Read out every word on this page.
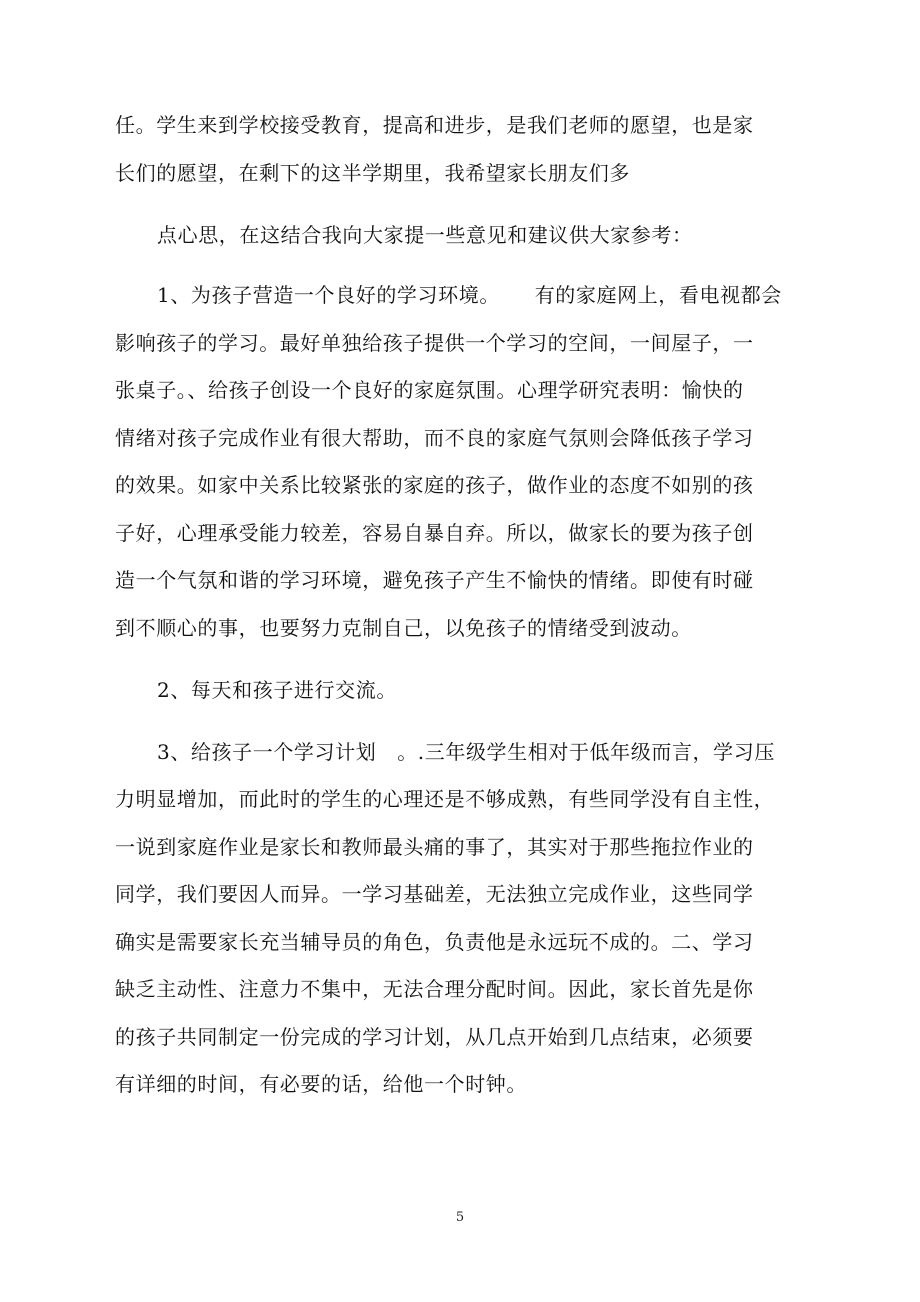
任。学生来到学校接受教育，提高和进步，是我们老师的愿望，也是家
长们的愿望，在剩下的这半学期里，我希望家长朋友们多
点心思，在这结合我向大家提一些意见和建议供大家参考：
1、为孩子营造一个良好的学习环境。     有的家庭网上，看电视都会
影响孩子的学习。最好单独给孩子提供一个学习的空间，一间屋子，一
张桌子。、给孩子创设一个良好的家庭氛围。心理学研究表明：愉快的
情绪对孩子完成作业有很大帮助，而不良的家庭气氛则会降低孩子学习
的效果。如家中关系比较紧张的家庭的孩子，做作业的态度不如别的孩
子好，心理承受能力较差，容易自暴自弃。所以，做家长的要为孩子创
造一个气氛和谐的学习环境，避免孩子产生不愉快的情绪。即使有时碰
到不顺心的事，也要努力克制自己，以免孩子的情绪受到波动。
2、每天和孩子进行交流。
3、给孩子一个学习计划   。.三年级学生相对于低年级而言，学习压
力明显增加，而此时的学生的心理还是不够成熟，有些同学没有自主性，
一说到家庭作业是家长和教师最头痛的事了，其实对于那些拖拉作业的
同学，我们要因人而异。一学习基础差，无法独立完成作业，这些同学
确实是需要家长充当辅导员的角色，负责他是永远玩不成的。二、学习
缺乏主动性、注意力不集中，无法合理分配时间。因此，家长首先是你
的孩子共同制定一份完成的学习计划，从几点开始到几点结束，必须要
有详细的时间，有必要的话，给他一个时钟。
5
